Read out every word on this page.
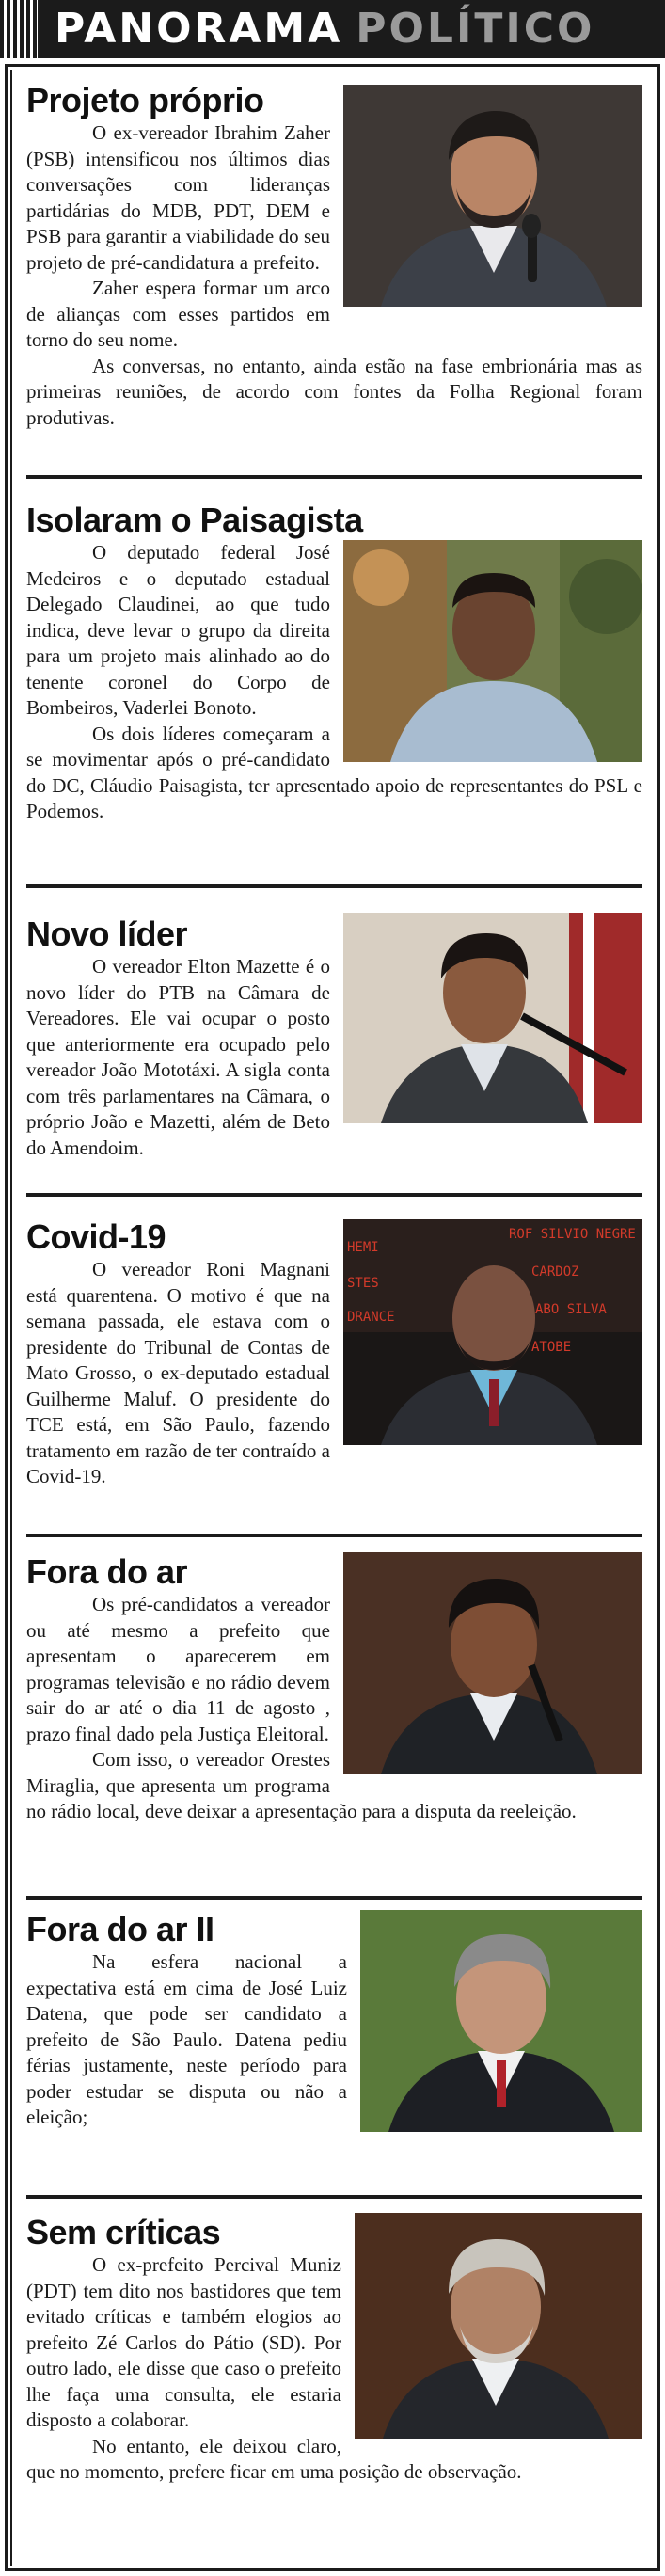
PANORAMA POLÍTICO
Projeto próprio

O ex-vereador Ibrahim Zaher (PSB) intensificou nos últimos dias conversações com lideranças partidárias do MDB, PDT, DEM e PSB para garantir a viabilidade do seu projeto de pré-candidatura a prefeito.

Zaher espera formar um arco de alianças com esses partidos em torno do seu nome.

As conversas, no entanto, ainda estão na fase embrionária mas as primeiras reuniões, de acordo com fontes da Folha Regional foram produtivas.

Isolaram o Paisagista

O deputado federal José Medeiros e o deputado estadual Delegado Claudinei, ao que tudo indica, deve levar o grupo da direita para um projeto mais alinhado ao do tenente coronel do Corpo de Bombeiros, Vaderlei Bonoto.

Os dois líderes começaram a se movimentar após o pré-candidato do DC, Cláudio Paisagista, ter apresentado apoio de representantes do PSL e Podemos.

Novo líder

O vereador Elton Mazette é o novo líder do PTB na Câmara de Vereadores. Ele vai ocupar o posto que anteriormente era ocupado pelo vereador João Mototáxi. A sigla conta com três parlamentares na Câmara, o próprio João e Mazetti, além de Beto do Amendoim.

Covid-19	HEMI
ROF SILVIO NEGRE
STES
CARDOZ
DRANCE	ABO SILVA
ATOBE

O vereador Roni Magnani está quarentena. O motivo é que na semana passada, ele estava com o presidente do Tribunal de Contas de Mato Grosso, o ex-deputado estadual Guilherme Maluf. O presidente do TCE está, em São Paulo, fazendo tratamento em razão de ter contraído a Covid-19.

Fora do ar

Os pré-candidatos a vereador ou até mesmo a prefeito que apresentam o aparecerem em programas televisão e no rádio devem sair do ar até o dia 11 de agosto , prazo final dado pela Justiça Eleitoral.

Com isso, o vereador Orestes Miraglia, que apresenta um programa no rádio local, deve deixar a apresentação para a disputa da reeleição.

Fora do ar II

Na esfera nacional a expectativa está em cima de José Luiz Datena, que pode ser candidato a prefeito de São Paulo. Datena pediu férias justamente, neste período para poder estudar se disputa ou não a eleição;

Sem críticas

O ex-prefeito Percival Muniz (PDT) tem dito nos bastidores que tem evitado críticas e também elogios ao prefeito Zé Carlos do Pátio (SD). Por outro lado, ele disse que caso o prefeito lhe faça uma consulta, ele estaria disposto a colaborar.

No entanto, ele deixou claro, que no momento, prefere ficar em uma posição de observação.
